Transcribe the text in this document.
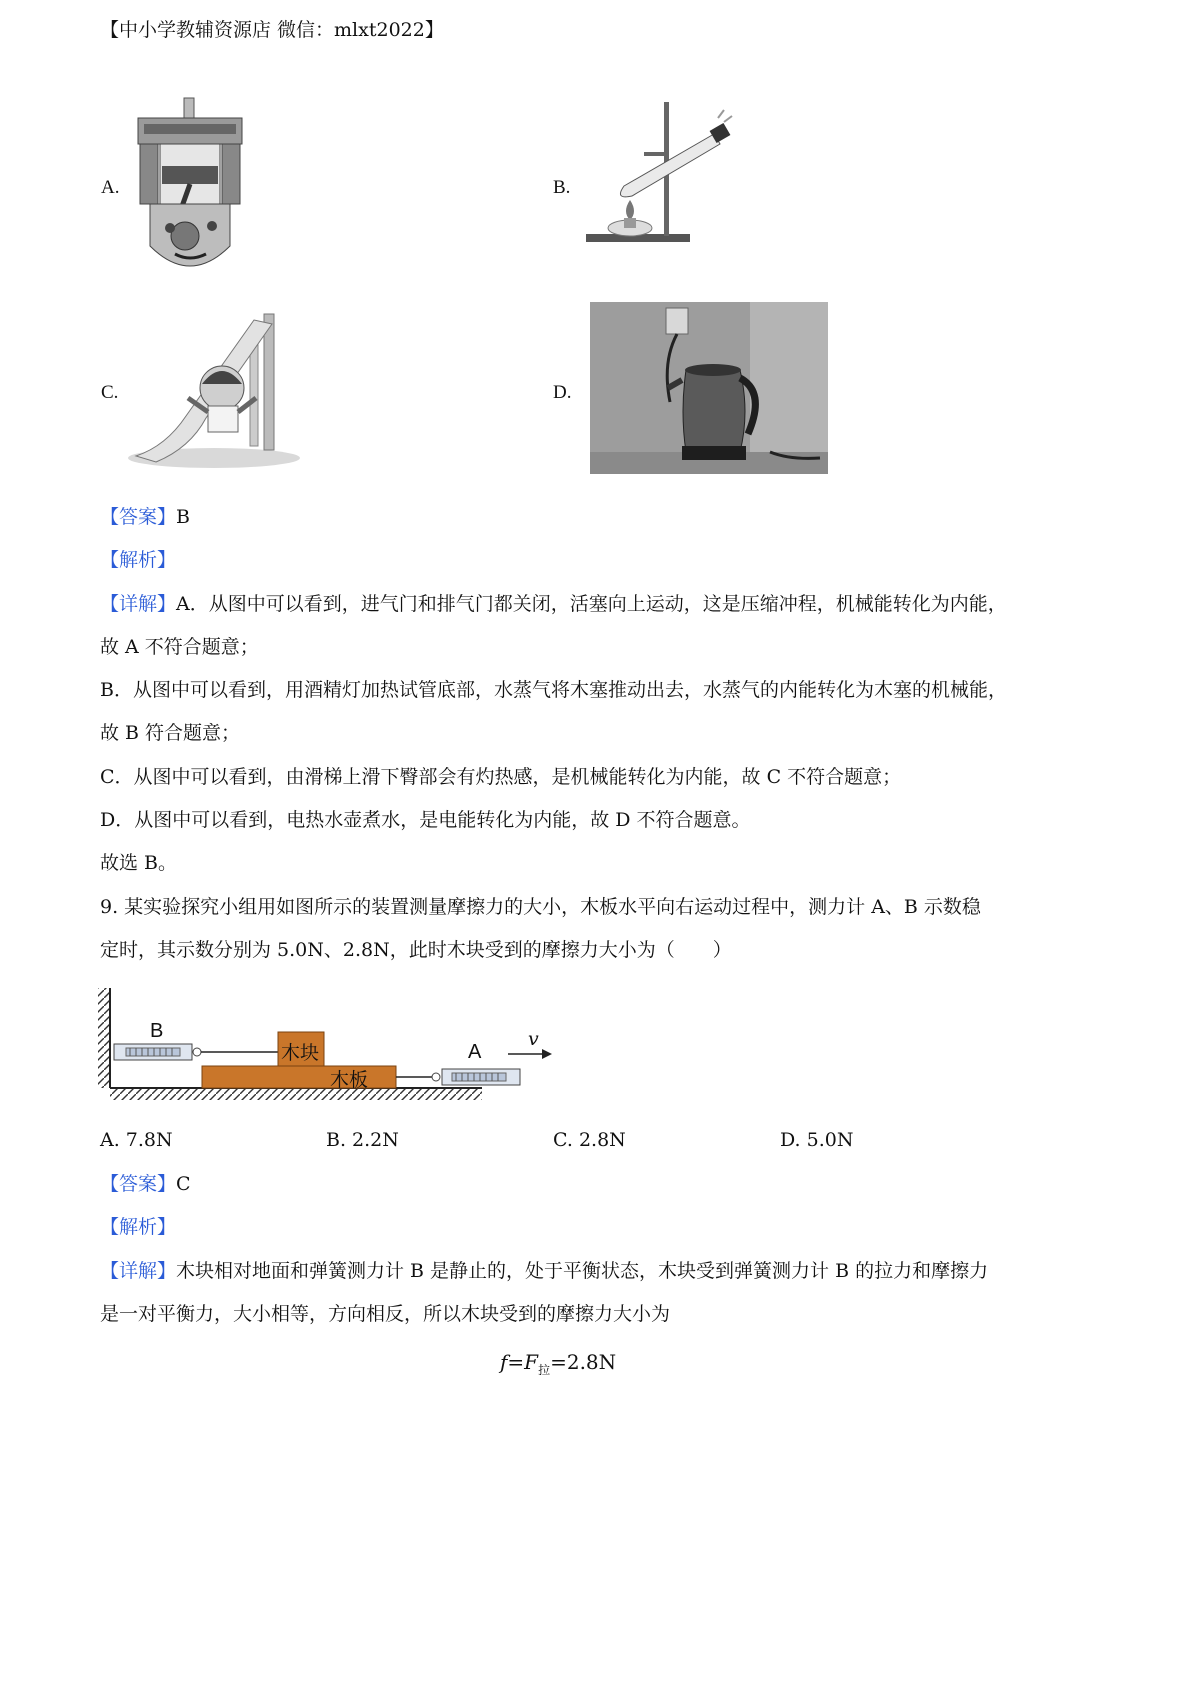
【中小学教辅资源店 微信：mlxt2022】
A.	B.
C.	D.
【答案】B
【解析】
【详解】A．从图中可以看到，进气门和排气门都关闭，活塞向上运动，这是压缩冲程，机械能转化为内能，
故 A 不符合题意；
B．从图中可以看到，用酒精灯加热试管底部，水蒸气将木塞推动出去，水蒸气的内能转化为木塞的机械能，
故 B 符合题意；
C．从图中可以看到，由滑梯上滑下臀部会有灼热感，是机械能转化为内能，故 C 不符合题意；
D．从图中可以看到，电热水壶煮水，是电能转化为内能，故 D 不符合题意。
故选 B。
9. 某实验探究小组用如图所示的装置测量摩擦力的大小，木板水平向右运动过程中，测力计 A、B 示数稳
定时，其示数分别为 5.0N、2.8N，此时木块受到的摩擦力大小为（　　）
B
A
木块
木板
v
A. 7.8N	B. 2.2N	C. 2.8N	D. 5.0N
【答案】C
【解析】
【详解】木块相对地面和弹簧测力计 B 是静止的，处于平衡状态，木块受到弹簧测力计 B 的拉力和摩擦力
是一对平衡力，大小相等，方向相反，所以木块受到的摩擦力大小为
$f=F_拉=2.8N$
